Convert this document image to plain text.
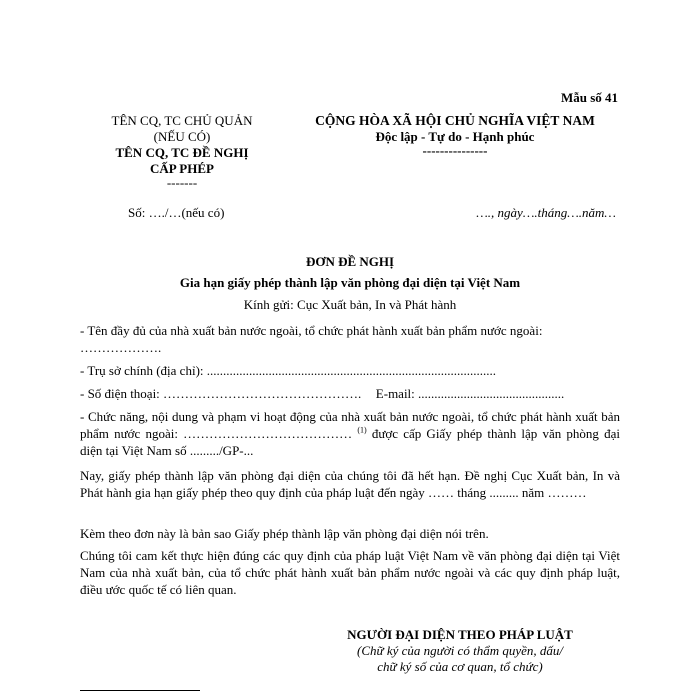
Mẫu số 41
TÊN CQ, TC CHỦ QUẢN
(NẾU CÓ)
TÊN CQ, TC ĐỀ NGHỊ
CẤP PHÉP
-------
CỘNG HÒA XÃ HỘI CHỦ NGHĨA VIỆT NAM
Độc lập - Tự do - Hạnh phúc
---------------
Số: …./…(nếu có)	…., ngày….tháng….năm…
ĐƠN ĐỀ NGHỊ
Gia hạn giấy phép thành lập văn phòng đại diện tại Việt Nam
Kính gửi: Cục Xuất bản, In và Phát hành
- Tên đầy đủ của nhà xuất bản nước ngoài, tổ chức phát hành xuất bản phẩm nước ngoài:
……………….
- Trụ sở chính (địa chỉ): .........................................................................................
- Số điện thoại: ………………………………………. E-mail: .............................................
- Chức năng, nội dung và phạm vi hoạt động của nhà xuất bản nước ngoài, tổ chức phát hành xuất bản phẩm nước ngoài: ………………………………… $^{(1)}$ được cấp Giấy phép thành lập văn phòng đại diện tại Việt Nam số ........./GP-...
Nay, giấy phép thành lập văn phòng đại diện của chúng tôi đã hết hạn. Đề nghị Cục Xuất bản, In và Phát hành gia hạn giấy phép theo quy định của pháp luật đến ngày …… tháng ......... năm ………
Kèm theo đơn này là bản sao Giấy phép thành lập văn phòng đại diện nói trên.
Chúng tôi cam kết thực hiện đúng các quy định của pháp luật Việt Nam về văn phòng đại diện tại Việt Nam của nhà xuất bản, của tổ chức phát hành xuất bản phẩm nước ngoài và các quy định pháp luật, điều ước quốc tế có liên quan.
NGƯỜI ĐẠI DIỆN THEO PHÁP LUẬT
(Chữ ký của người có thẩm quyền, dấu/
chữ ký số của cơ quan, tổ chức)
